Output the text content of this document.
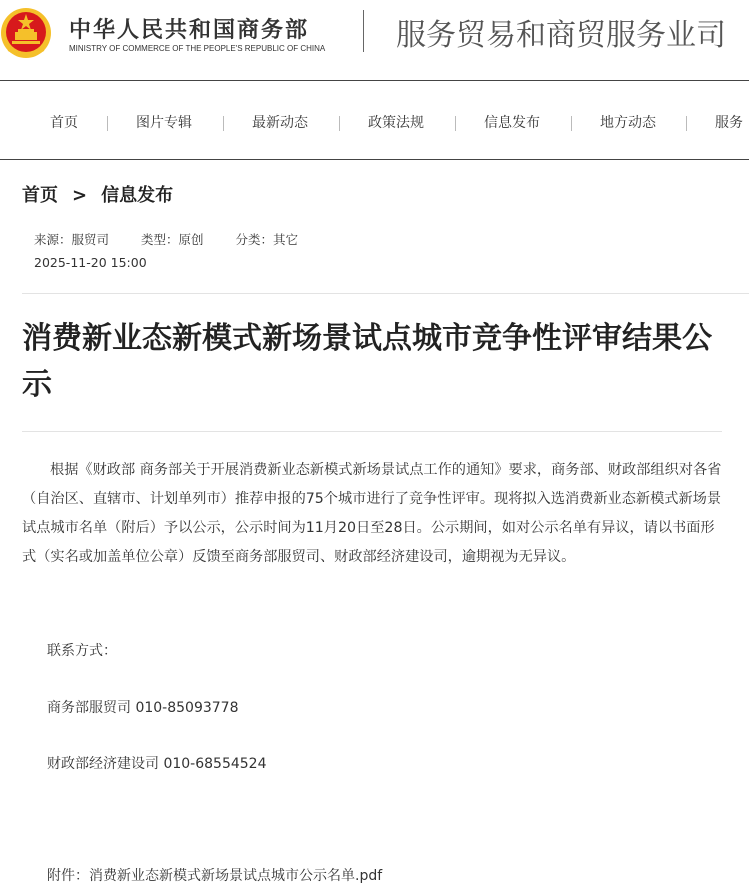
中华人民共和国商务部
MINISTRY OF COMMERCE OF THE PEOPLE'S REPUBLIC OF CHINA 服务贸易和商贸服务业司
首页	图片专辑	最新动态	政策法规	信息发布	地方动态	服务
首页 > 信息发布
来源：服贸司	类型：原创	分类：其它
2025-11-20 15:00
消费新业态新模式新场景试点城市竞争性评审结果公示

根据《财政部 商务部关于开展消费新业态新模式新场景试点工作的通知》要求，商务部、财政部组织对各省（自治区、直辖市、计划单列市）推荐申报的75个城市进行了竞争性评审。现将拟入选消费新业态新模式新场景试点城市名单（附后）予以公示，公示时间为11月20日至28日。公示期间，如对公示名单有异议，请以书面形式（实名或加盖单位公章）反馈至商务部服贸司、财政部经济建设司，逾期视为无异议。

联系方式：
商务部服贸司 010-85093778
财政部经济建设司 010-68554524
附件：消费新业态新模式新场景试点城市公示名单.pdf
